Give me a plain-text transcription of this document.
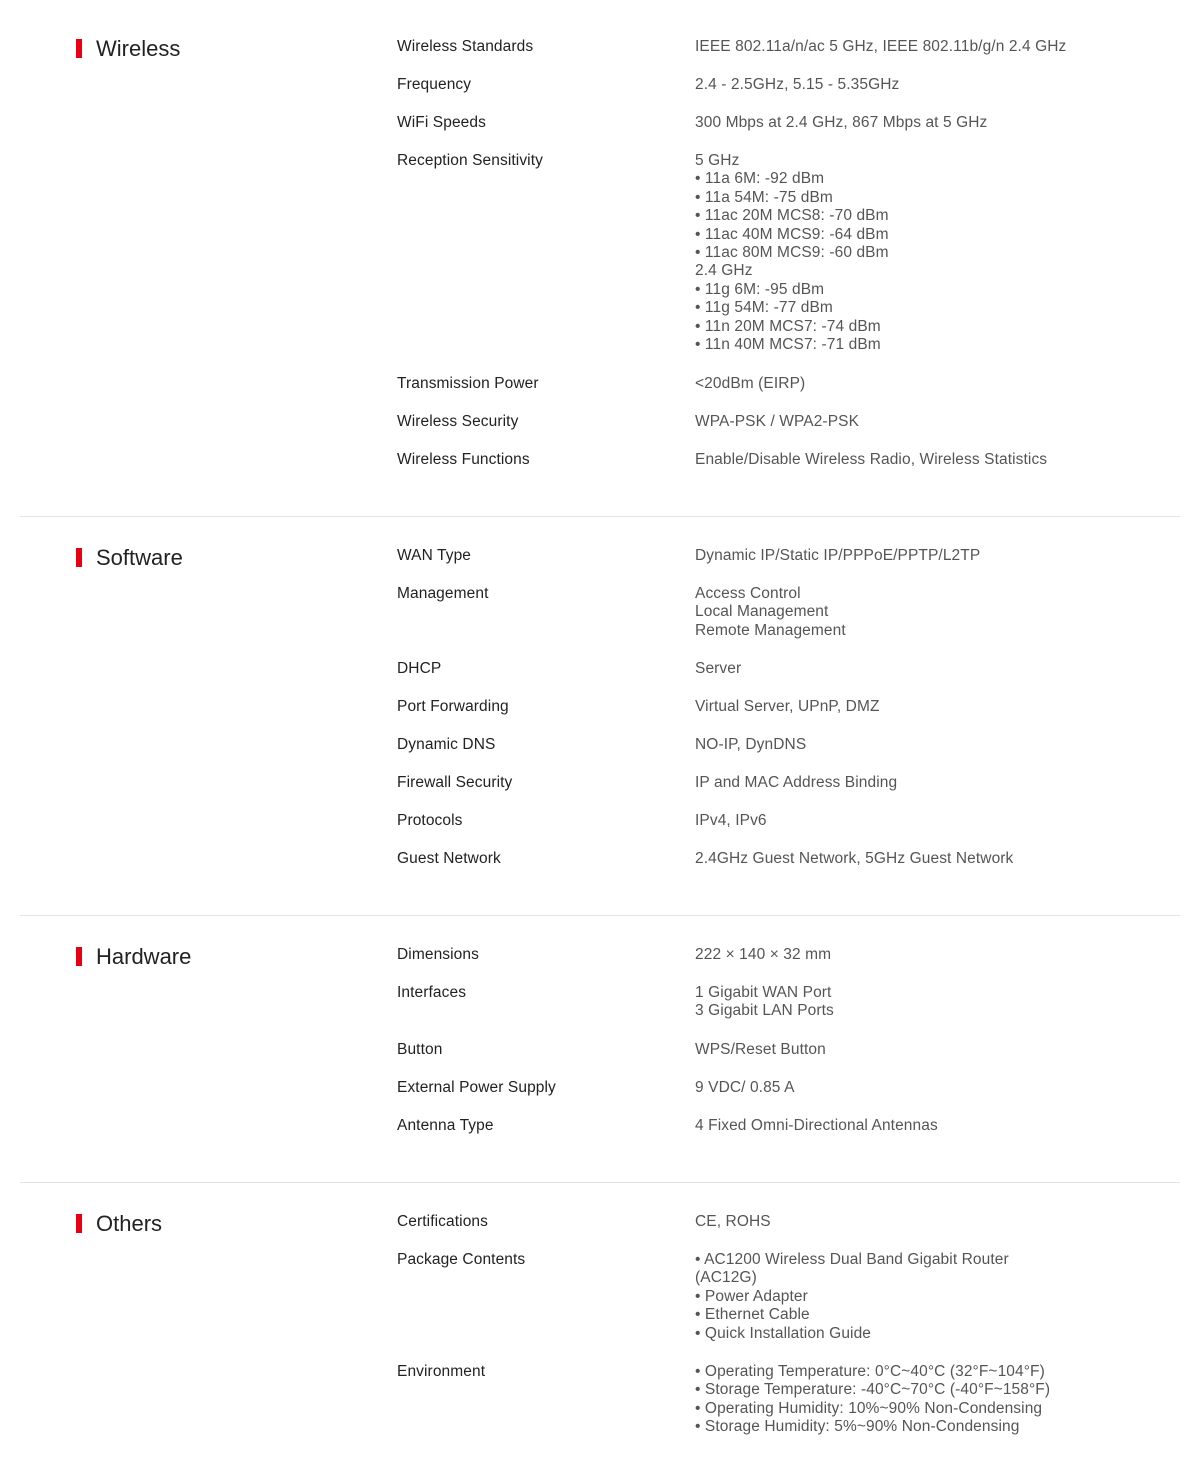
Wireless	Wireless Standards	IEEE 802.11a/n/ac 5 GHz, IEEE 802.11b/g/n 2.4 GHz
Frequency	2.4 - 2.5GHz, 5.15 - 5.35GHz
WiFi Speeds	300 Mbps at 2.4 GHz, 867 Mbps at 5 GHz
Reception Sensitivity	5 GHz
• 11a 6M: -92 dBm
• 11a 54M: -75 dBm
• 11ac 20M MCS8: -70 dBm
• 11ac 40M MCS9: -64 dBm
• 11ac 80M MCS9: -60 dBm
2.4 GHz
• 11g 6M: -95 dBm
• 11g 54M: -77 dBm
• 11n 20M MCS7: -74 dBm
• 11n 40M MCS7: -71 dBm
Transmission Power	<20dBm (EIRP)
Wireless Security	WPA-PSK / WPA2-PSK
Wireless Functions	Enable/Disable Wireless Radio, Wireless Statistics
Software	WAN Type	Dynamic IP/Static IP/PPPoE/PPTP/L2TP
Management	Access Control
Local Management
Remote Management
DHCP	Server
Port Forwarding	Virtual Server, UPnP, DMZ
Dynamic DNS	NO-IP, DynDNS
Firewall Security	IP and MAC Address Binding
Protocols	IPv4, IPv6
Guest Network	2.4GHz Guest Network, 5GHz Guest Network
Hardware	Dimensions	222 × 140 × 32 mm
Interfaces	1 Gigabit WAN Port
3 Gigabit LAN Ports
Button	WPS/Reset Button
External Power Supply	9 VDC/ 0.85 A
Antenna Type	4 Fixed Omni-Directional Antennas
Others	Certifications	CE, ROHS
Package Contents	• AC1200 Wireless Dual Band Gigabit Router
(AC12G)
• Power Adapter
• Ethernet Cable
• Quick Installation Guide
Environment	• Operating Temperature: 0°C~40°C (32°F~104°F)
• Storage Temperature: -40°C~70°C (-40°F~158°F)
• Operating Humidity: 10%~90% Non-Condensing
• Storage Humidity: 5%~90% Non-Condensing
